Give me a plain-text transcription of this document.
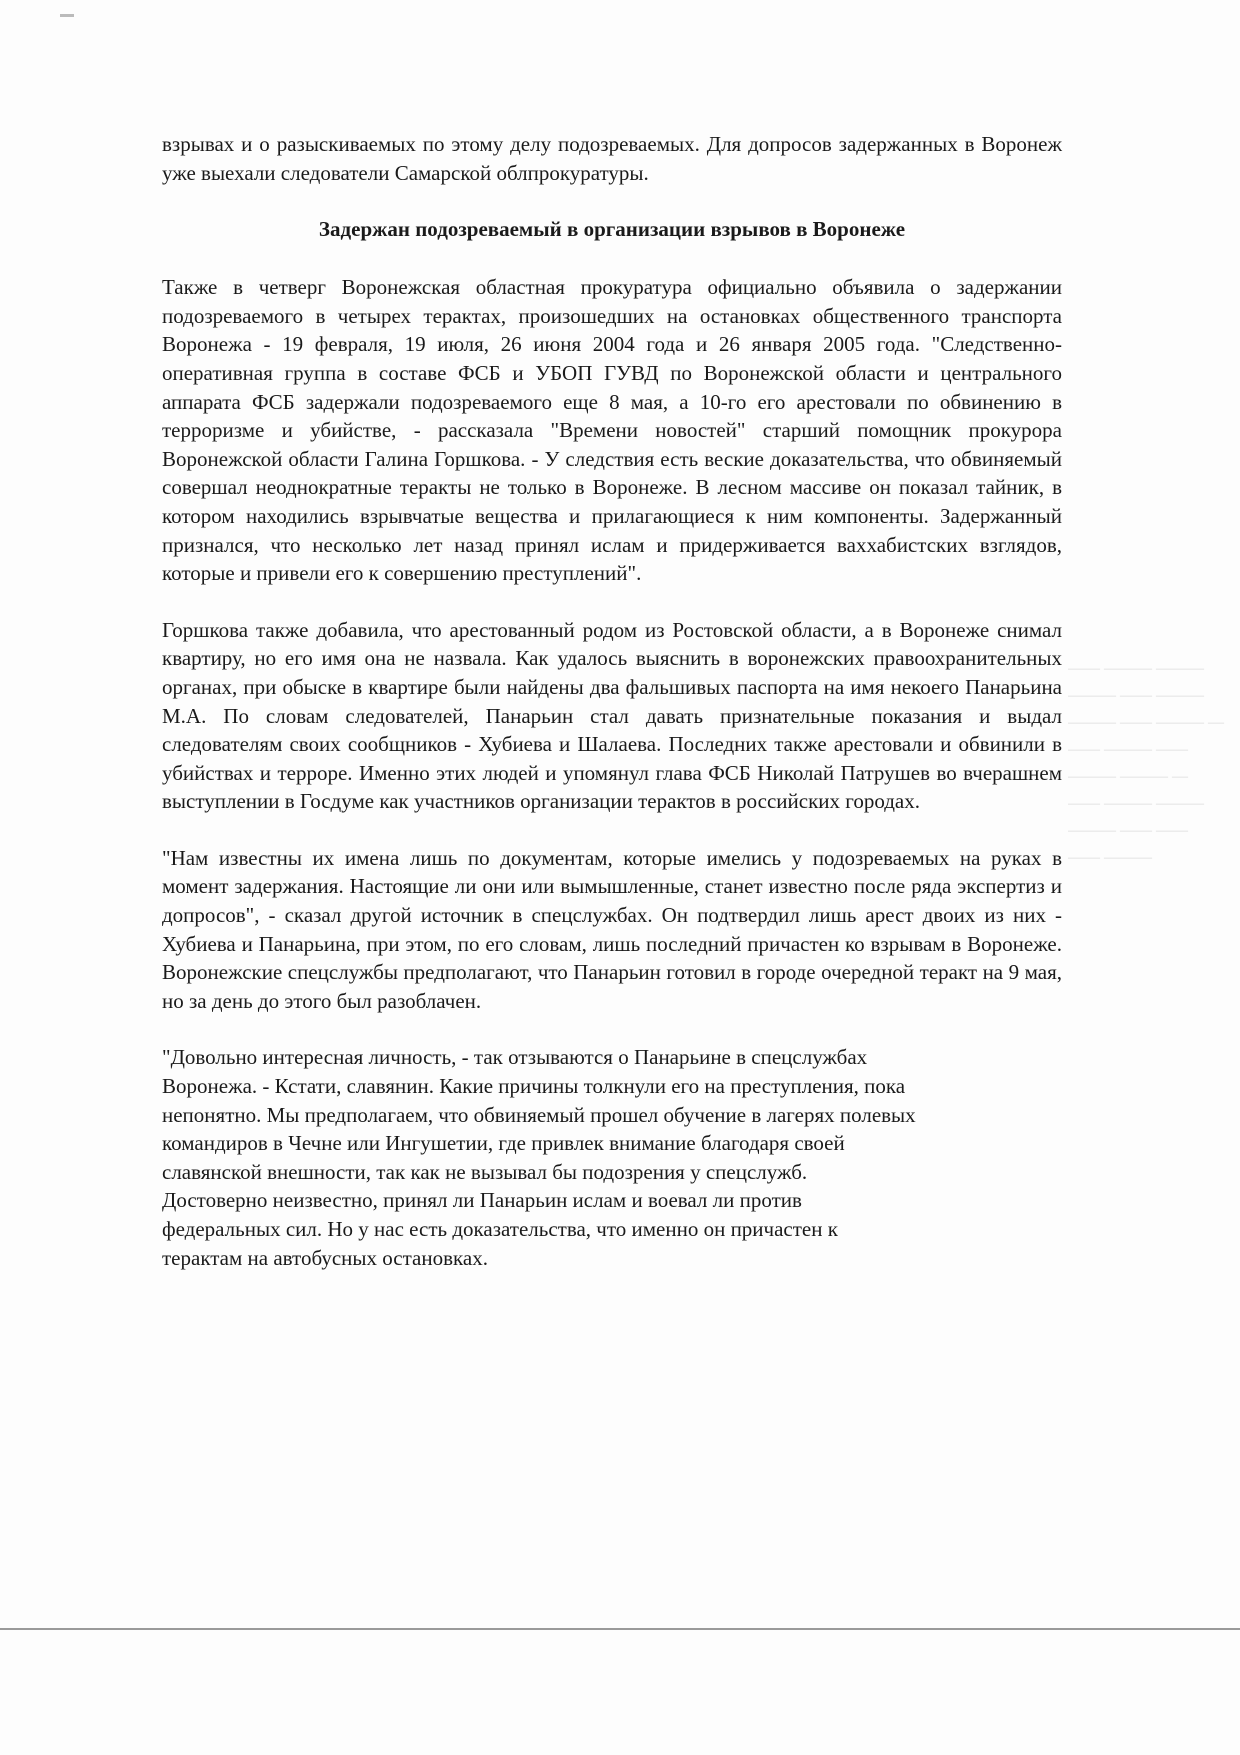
взрывах и о разыскиваемых по этому делу подозреваемых. Для допросов задержанных в Воронеж уже выехали следователи Самарской облпрокуратуры.

Задержан подозреваемый в организации взрывов в Воронеже

Также в четверг Воронежская областная прокуратура официально объявила о задержании подозреваемого в четырех терактах, произошедших на остановках общественного транспорта Воронежа - 19 февраля, 19 июля, 26 июня 2004 года и 26 января 2005 года. "Следственно-оперативная группа в составе ФСБ и УБОП ГУВД по Воронежской области и центрального аппарата ФСБ задержали подозреваемого еще 8 мая, а 10-го его арестовали по обвинению в терроризме и убийстве, - рассказала "Времени новостей" старший помощник прокурора Воронежской области Галина Горшкова. - У следствия есть веские доказательства, что обвиняемый совершал неоднократные теракты не только в Воронеже. В лесном массиве он показал тайник, в котором находились взрывчатые вещества и прилагающиеся к ним компоненты. Задержанный признался, что несколько лет назад принял ислам и придерживается ваххабистских взглядов, которые и привели его к совершению преступлений".

Горшкова также добавила, что арестованный родом из Ростовской области, а в Воронеже снимал квартиру, но его имя она не назвала. Как удалось выяснить в воронежских правоохранительных органах, при обыске в квартире были найдены два фальшивых паспорта на имя некоего Панарьина М.А. По словам следователей, Панарьин стал давать признательные показания и выдал следователям своих сообщников - Хубиева и Шалаева. Последних также арестовали и обвинили в убийствах и терроре. Именно этих людей и упомянул глава ФСБ Николай Патрушев во вчерашнем выступлении в Госдуме как участников организации терактов в российских городах.

"Нам известны их имена лишь по документам, которые имелись у подозреваемых на руках в момент задержания. Настоящие ли они или вымышленные, станет известно после ряда экспертиз и допросов", - сказал другой источник в спецслужбах. Он подтвердил лишь арест двоих из них - Хубиева и Панарьина, при этом, по его словам, лишь последний причастен ко взрывам в Воронеже. Воронежские спецслужбы предполагают, что Панарьин готовил в городе очередной теракт на 9 мая, но за день до этого был разоблачен.

"Довольно интересная личность, - так отзываются о Панарьине в спецслужбах
Воронежа. - Кстати, славянин. Какие причины толкнули его на преступления, пока
непонятно. Мы предполагаем, что обвиняемый прошел обучение в лагерях полевых
командиров в Чечне или Ингушетии, где привлек внимание благодаря своей
славянской внешности, так как не вызывал бы подозрения у спецслужб.
Достоверно неизвестно, принял ли Панарьин ислам и воевал ли против
федеральных сил. Но у нас есть доказательства, что именно он причастен к
терактам на автобусных остановках.
―― ――― ―――
――― ―― ―――
――― ―― ――― ―
―― ――― ――
――― ――― ―
―― ――― ―――
――― ―― ――
―― ―――
